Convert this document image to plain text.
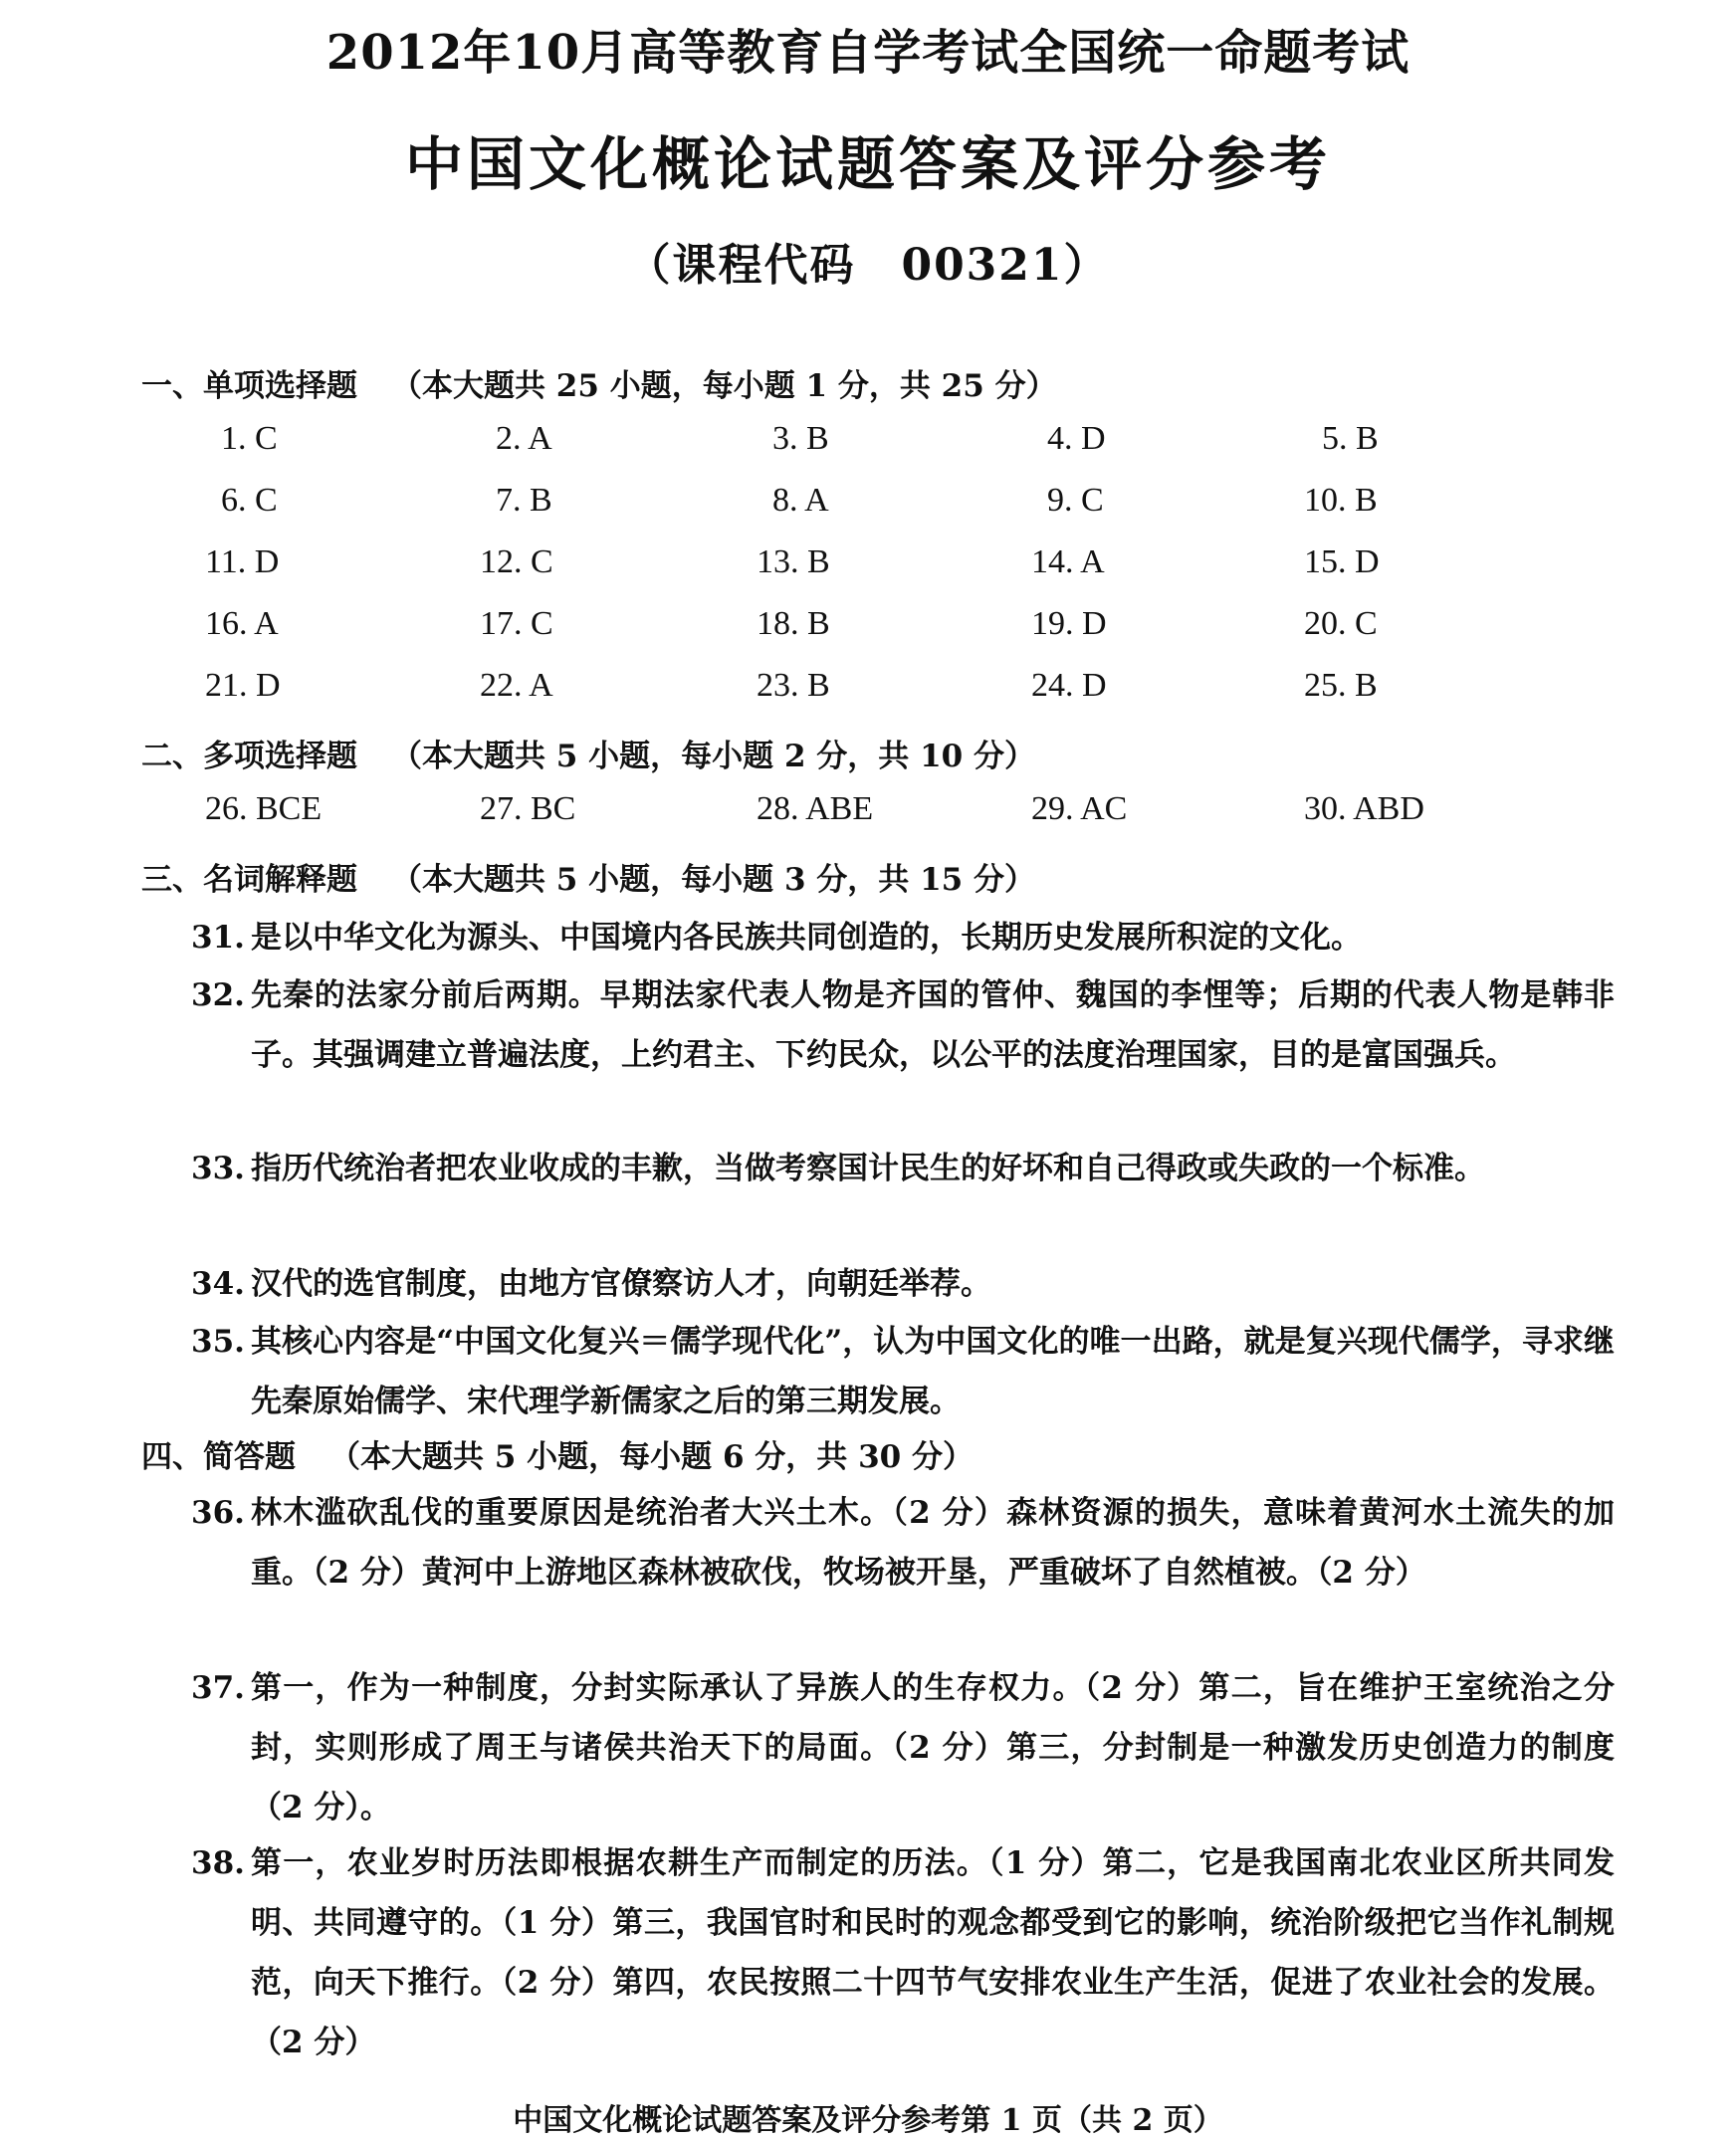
2012年10月高等教育自学考试全国统一命题考试
中国文化概论试题答案及评分参考
（课程代码　00321）
一、单项选择题 （本大题共 25 小题，每小题 1 分，共 25 分）
1. C	2. A	3. B	4. D	5. B
6. C	7. B	8. A	9. C	10. B
11. D	12. C	13. B	14. A	15. D
16. A	17. C	18. B	19. D	20. C
21. D	22. A	23. B	24. D	25. B
二、多项选择题 （本大题共 5 小题，每小题 2 分，共 10 分）
26. BCE	27. BC	28. ABE	29. AC	30. ABD
三、名词解释题 （本大题共 5 小题，每小题 3 分，共 15 分）
31. 是以中华文化为源头、中国境内各民族共同创造的，长期历史发展所积淀的文化。
32. 先秦的法家分前后两期。早期法家代表人物是齐国的管仲、魏国的李悝等；后期的代表人物是韩非子。其强调建立普遍法度，上约君主、下约民众，以公平的法度治理国家，目的是富国强兵。
33. 指历代统治者把农业收成的丰歉，当做考察国计民生的好坏和自己得政或失政的一个标准。
34. 汉代的选官制度，由地方官僚察访人才，向朝廷举荐。
35. 其核心内容是“中国文化复兴＝儒学现代化”，认为中国文化的唯一出路，就是复兴现代儒学，寻求继先秦原始儒学、宋代理学新儒家之后的第三期发展。
四、简答题 （本大题共 5 小题，每小题 6 分，共 30 分）
36. 林木滥砍乱伐的重要原因是统治者大兴土木。（2 分）森林资源的损失，意味着黄河水土流失的加重。（2 分）黄河中上游地区森林被砍伐，牧场被开垦，严重破坏了自然植被。（2 分）
37. 第一，作为一种制度，分封实际承认了异族人的生存权力。（2 分）第二，旨在维护王室统治之分封，实则形成了周王与诸侯共治天下的局面。（2 分）第三，分封制是一种激发历史创造力的制度（2 分）。
38. 第一，农业岁时历法即根据农耕生产而制定的历法。（1 分）第二，它是我国南北农业区所共同发明、共同遵守的。（1 分）第三，我国官时和民时的观念都受到它的影响，统治阶级把它当作礼制规范，向天下推行。（2 分）第四，农民按照二十四节气安排农业生产生活，促进了农业社会的发展。（2 分）
中国文化概论试题答案及评分参考第 1 页（共 2 页）
